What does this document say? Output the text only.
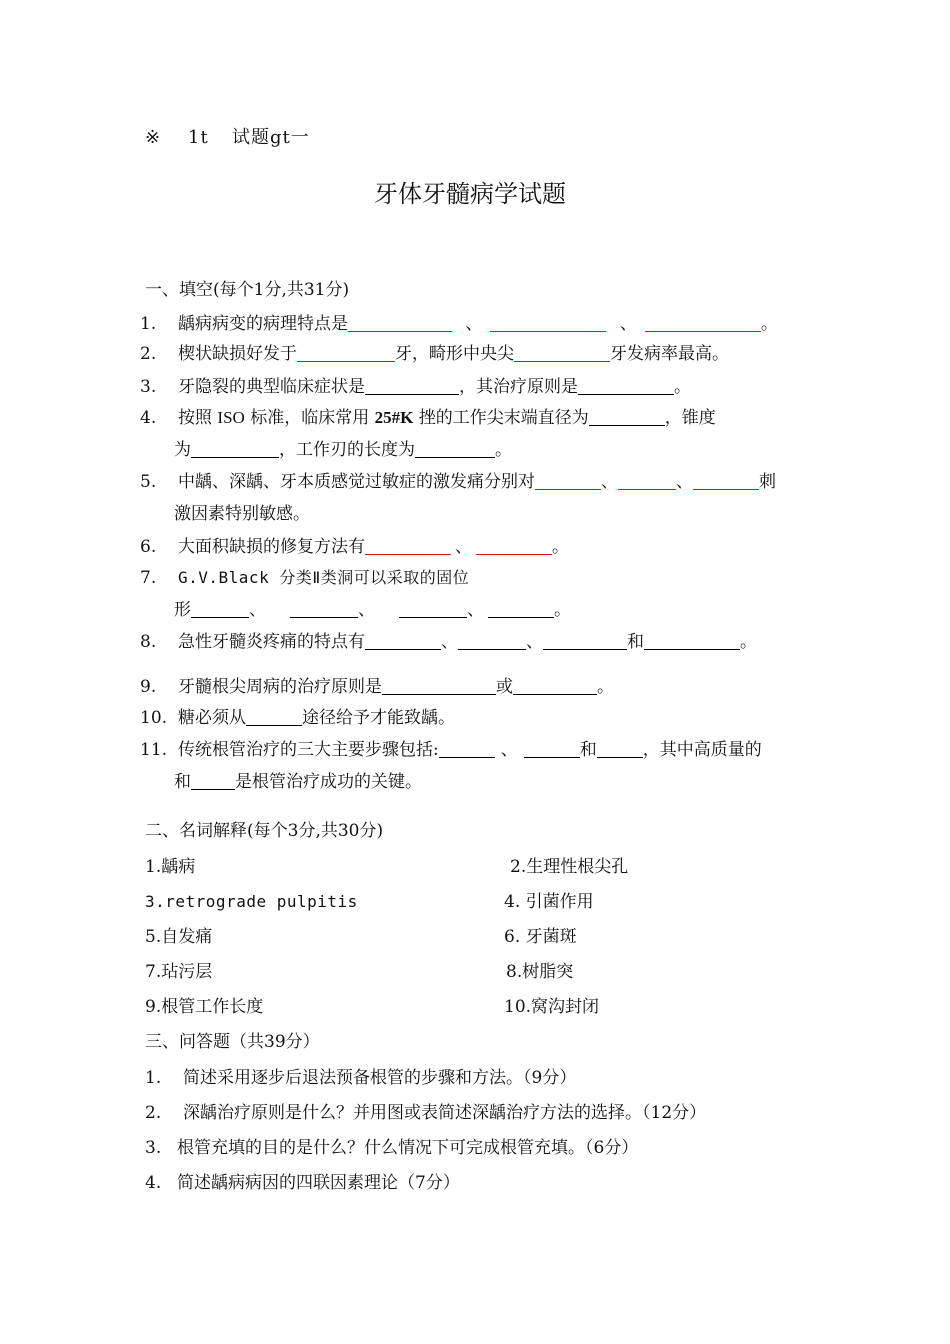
※ 1t 试题gt一
牙体牙髓病学试题
一、填空(每个1分,共31分)
1. 龋病病变的病理特点是	、	、	。
2. 楔状缺损好发于	牙，畸形中央尖	牙发病率最高。
3. 牙隐裂的典型临床症状是	，其治疗原则是	。
4. 按照 ISO 标准，临床常用 25#K 挫的工作尖末端直径为	，锥度
为	，工作刃的长度为	。
5. 中龋、深龋、牙本质感觉过敏症的激发痛分别对	、	、	刺
激因素特别敏感。
6. 大面积缺损的修复方法有	、	。
7. G.V.Black 分类Ⅱ类洞可以采取的固位
形	、	、	、	。
8. 急性牙髓炎疼痛的特点有	、	、	和	。
9. 牙髓根尖周病的治疗原则是	或	。
10. 糖必须从	途径给予才能致龋。
11. 传统根管治疗的三大主要步骤包括:	、	和	，其中高质量的
和	是根管治疗成功的关键。
二、名词解释(每个3分,共30分)
1.龋病	2.生理性根尖孔
3.retrograde pulpitis	4. 引菌作用
5.自发痛	6. 牙菌斑
7.玷污层	8.树脂突
9.根管工作长度	10.窝沟封闭
三、问答题（共39分）
1. 简述采用逐步后退法预备根管的步骤和方法。（9分）
2. 深龋治疗原则是什么？并用图或表简述深龋治疗方法的选择。（12分）
3. 根管充填的目的是什么？什么情况下可完成根管充填。（6分）
4. 简述龋病病因的四联因素理论（7分）
